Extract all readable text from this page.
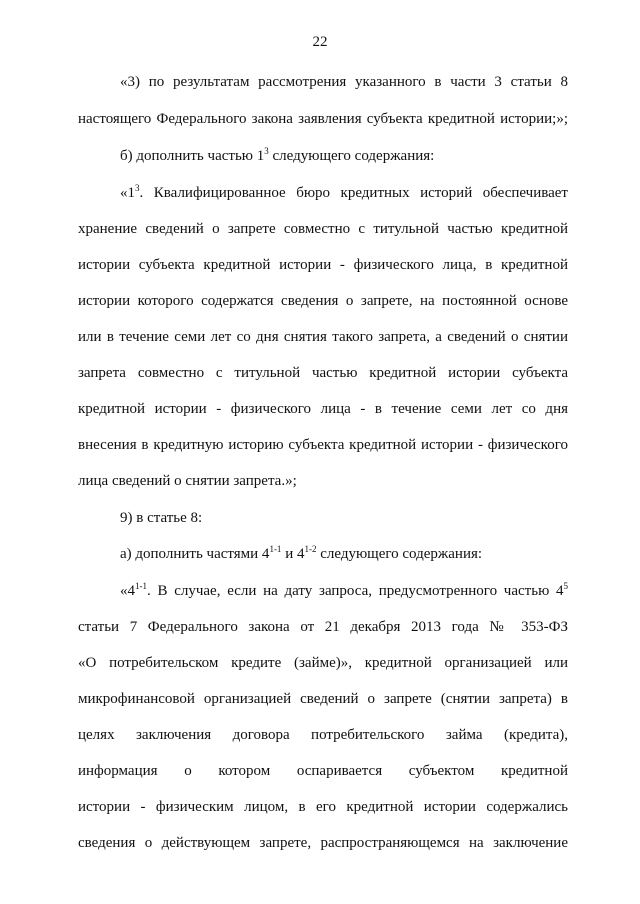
22
«3) по результатам рассмотрения указанного в части 3 статьи 8
настоящего Федерального закона заявления субъекта кредитной истории;»;
б) дополнить частью $1^3$ следующего содержания:
«$1^3$. Квалифицированное бюро кредитных историй обеспечивает
хранение сведений о запрете совместно с титульной частью кредитной
истории субъекта кредитной истории - физического лица, в кредитной
истории которого содержатся сведения о запрете, на постоянной основе
или в течение семи лет со дня снятия такого запрета, а сведений о снятии
запрета совместно с титульной частью кредитной истории субъекта
кредитной истории - физического лица - в течение семи лет со дня
внесения в кредитную историю субъекта кредитной истории - физического
лица сведений о снятии запрета.»;
9) в статье 8:
а) дополнить частями 4$^{1-1}$ и 4$^{1-2}$ следующего содержания:
«4$^{1-1}$. В случае, если на дату запроса, предусмотренного частью $4^5$
статьи 7 Федерального закона от 21 декабря 2013 года № 353-ФЗ
«О потребительском кредите (займе)», кредитной организацией или
микрофинансовой организацией сведений о запрете (снятии запрета) в
целях заключения договора потребительского займа (кредита),
информация о котором оспаривается субъектом кредитной
истории - физическим лицом, в его кредитной истории содержались
сведения о действующем запрете, распространяющемся на заключение
